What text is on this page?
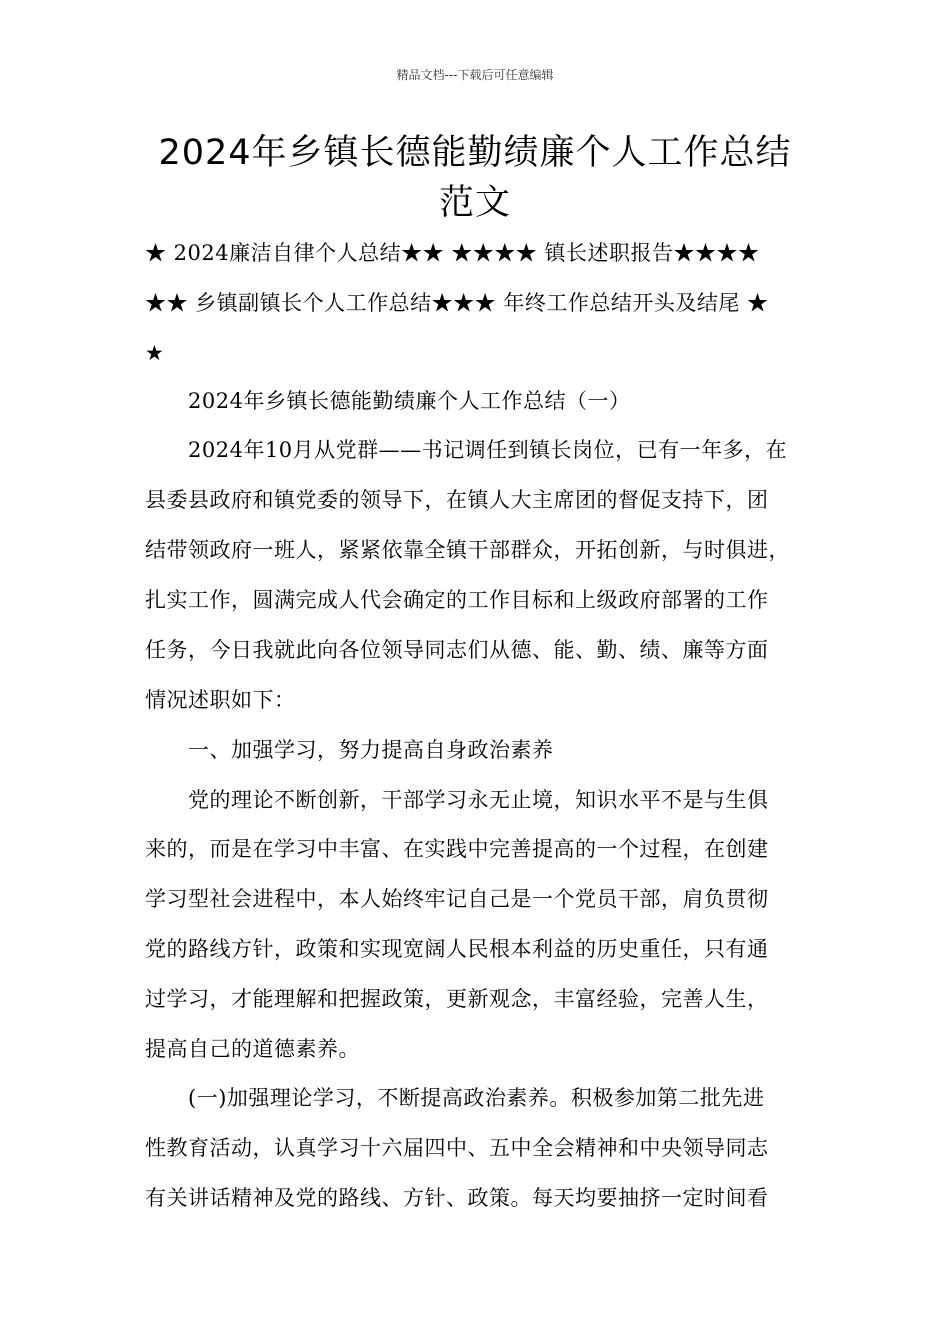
精品文档---下载后可任意编辑
2024年乡镇长德能勤绩廉个人工作总结
范文
★ 2024廉洁自律个人总结★★ ★★★★ 镇长述职报告★★★★
★★ 乡镇副镇长个人工作总结★★★ 年终工作总结开头及结尾 ★
★
　　2024年乡镇长德能勤绩廉个人工作总结（一）
　　2024年10月从党群——书记调任到镇长岗位，已有一年多，在
县委县政府和镇党委的领导下，在镇人大主席团的督促支持下，团
结带领政府一班人，紧紧依靠全镇干部群众，开拓创新，与时俱进，
扎实工作，圆满完成人代会确定的工作目标和上级政府部署的工作
任务，今日我就此向各位领导同志们从德、能、勤、绩、廉等方面
情况述职如下：
　　一、加强学习，努力提高自身政治素养
　　党的理论不断创新，干部学习永无止境，知识水平不是与生俱
来的，而是在学习中丰富、在实践中完善提高的一个过程，在创建
学习型社会进程中，本人始终牢记自己是一个党员干部，肩负贯彻
党的路线方针，政策和实现宽阔人民根本利益的历史重任，只有通
过学习，才能理解和把握政策，更新观念，丰富经验，完善人生，
提高自己的道德素养。
　　(一)加强理论学习，不断提高政治素养。积极参加第二批先进
性教育活动，认真学习十六届四中、五中全会精神和中央领导同志
有关讲话精神及党的路线、方针、政策。每天均要抽挤一定时间看
